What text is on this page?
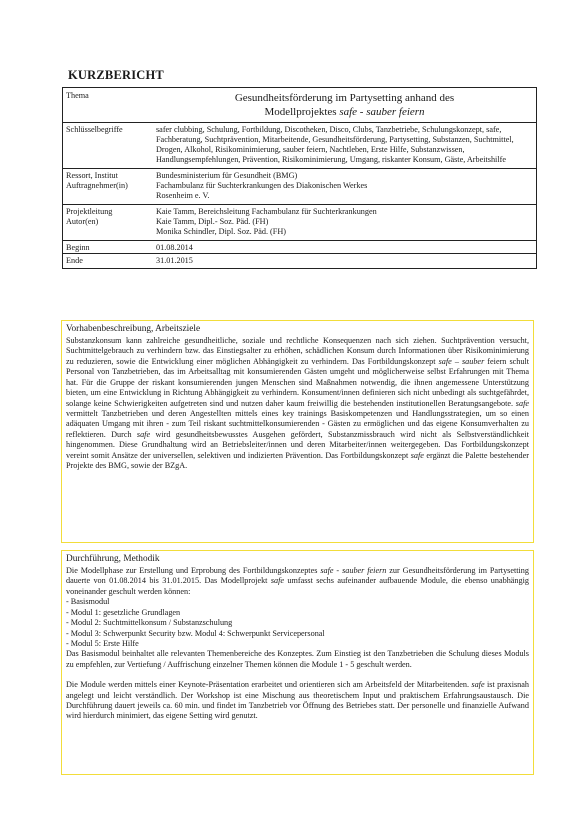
KURZBERICHT
Thema	Gesundheitsförderung im Partysetting anhand des
Modellprojektes safe - sauber feiern

Schlüsselbegriffe	safer clubbing, Schulung, Fortbildung, Discotheken, Disco, Clubs, Tanzbetriebe, Schulungskonzept, safe, Fachberatung, Suchtprävention, Mitarbeitende, Gesundheitsförderung, Partysetting, Substanzen, Suchtmittel, Drogen, Alkohol, Risikominimierung, sauber feiern, Nachtleben, Erste Hilfe, Substanzwissen, Handlungsempfehlungen, Prävention, Risikominimierung, Umgang, riskanter Konsum, Gäste, Arbeitshilfe
Ressort, Institut	Bundesministerium für Gesundheit (BMG)
Auftragnehmer(in)	Fachambulanz für Suchterkrankungen des Diakonischen Werkes
Rosenheim e. V.

Projektleitung	Kaie Tamm, Bereichsleitung Fachambulanz für Suchterkrankungen
Autor(en)	Kaie Tamm, Dipl.- Soz. Päd. (FH)
Monika Schindler, Dipl. Soz. Päd. (FH)

Beginn	01.08.2014
Ende	31.01.2015
Vorhabenbeschreibung, Arbeitsziele

Substanzkonsum kann zahlreiche gesundheitliche, soziale und rechtliche Konsequenzen nach sich ziehen. Suchtprävention versucht, Suchtmittelgebrauch zu verhindern bzw. das Einstiegsalter zu erhöhen, schädlichen Konsum durch Informationen über Risikominimierung zu reduzieren, sowie die Entwicklung einer möglichen Abhängigkeit zu verhindern. Das Fortbildungskonzept safe – sauber feiern schult Personal von Tanzbetrieben, das im Arbeitsalltag mit konsumierenden Gästen umgeht und möglicherweise selbst Erfahrungen mit Thema hat. Für die Gruppe der riskant konsumierenden jungen Menschen sind Maßnahmen notwendig, die ihnen angemessene Unterstützung bieten, um eine Entwicklung in Richtung Abhängigkeit zu verhindern. Konsument/innen definieren sich nicht unbedingt als suchtgefährdet, solange keine Schwierigkeiten aufgetreten sind und nutzen daher kaum freiwillig die bestehenden institutionellen Beratungsangebote. safe vermittelt Tanzbetrieben und deren Angestellten mittels eines key trainings Basiskompetenzen und Handlungsstrategien, um so einen adäquaten Umgang mit ihren - zum Teil riskant suchtmittelkonsumierenden - Gästen zu ermöglichen und das eigene Konsumverhalten zu reflektieren. Durch safe wird gesundheitsbewusstes Ausgehen gefördert, Substanzmissbrauch wird nicht als Selbstverständlichkeit hingenommen. Diese Grundhaltung wird an Betriebsleiter/innen und deren Mitarbeiter/innen weitergegeben. Das Fortbildungskonzept vereint somit Ansätze der universellen, selektiven und indizierten Prävention. Das Fortbildungskonzept safe ergänzt die Palette bestehender Projekte des BMG, sowie der BZgA.

Durchführung, Methodik

Die Modellphase zur Erstellung und Erprobung des Fortbildungskonzeptes safe - sauber feiern zur Gesundheitsförderung im Partysetting dauerte von 01.08.2014 bis 31.01.2015. Das Modellprojekt safe umfasst sechs aufeinander aufbauende Module, die ebenso unabhängig voneinander geschult werden können:

- Basismodul
- Modul 1: gesetzliche Grundlagen
- Modul 2: Suchtmittelkonsum / Substanzschulung
- Modul 3: Schwerpunkt Security bzw. Modul 4: Schwerpunkt Servicepersonal
- Modul 5: Erste Hilfe

Das Basismodul beinhaltet alle relevanten Themenbereiche des Konzeptes. Zum Einstieg ist den Tanzbetrieben die Schulung dieses Moduls zu empfehlen, zur Vertiefung / Auffrischung einzelner Themen können die Module 1 - 5 geschult werden.

Die Module werden mittels einer Keynote-Präsentation erarbeitet und orientieren sich am Arbeitsfeld der Mitarbeitenden. safe ist praxisnah angelegt und leicht verständlich. Der Workshop ist eine Mischung aus theoretischem Input und praktischem Erfahrungsaustausch. Die Durchführung dauert jeweils ca. 60 min. und findet im Tanzbetrieb vor Öffnung des Betriebes statt. Der personelle und finanzielle Aufwand wird hierdurch minimiert, das eigene Setting wird genutzt.
